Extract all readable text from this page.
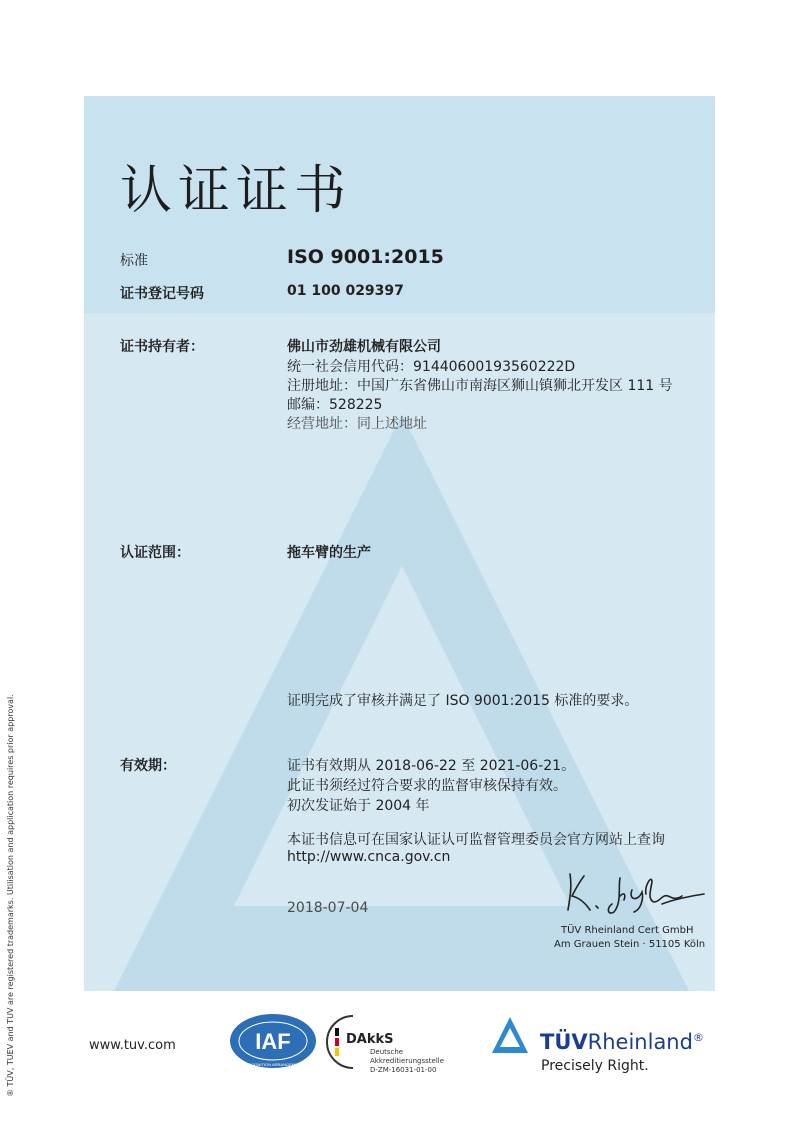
认证证书
标准	ISO 9001:2015
证书登记号码	01 100 029397
证书持有者：	佛山市劲雄机械有限公司
统一社会信用代码：91440600193560222D
注册地址：中国广东省佛山市南海区狮山镇狮北开发区 111 号
邮编：528225
经营地址：同上述地址
认证范围：	拖车臂的生产
证明完成了审核并满足了 ISO 9001:2015 标准的要求。
有效期：	证书有效期从 2018-06-22 至 2021-06-21。
此证书须经过符合要求的监督审核保持有效。
初次发证始于 2004 年
本证书信息可在国家认证认可监督管理委员会官方网站上查询
http://www.cnca.gov.cn
2018-07-04
TÜV Rheinland Cert GmbH
Am Grauen Stein · 51105 Köln
® TÜV, TUEV and TUV are registered trademarks. Utilisation and application requires prior approval.	www.tuv.com	IAF
RECOGNITION ARRANGEMENT
DAkkS
Deutsche
Akkreditierungsstelle
D-ZM-16031-01-00
TÜVRheinland®
Precisely Right.
